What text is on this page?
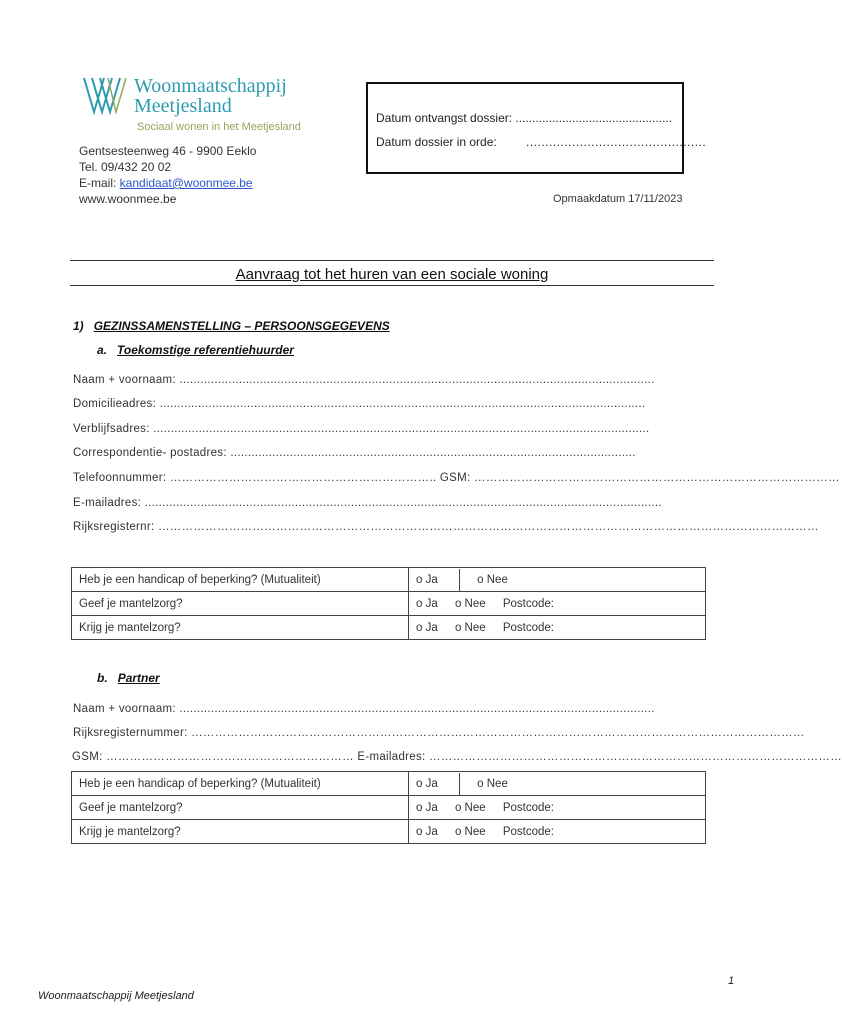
Woonmaatschappij
Meetjesland
Sociaal wonen in het Meetjesland
Gentsesteenweg 46 - 9900 Eeklo
Tel. 09/432 20 02
E-mail: kandidaat@woonmee.be
www.woonmee.be
Datum ontvangst dossier: ...............................................
Datum dossier in orde: ...............................................
Opmaakdatum 17/11/2023
Aanvraag tot het huren van een sociale woning
1) GEZINSSAMENSTELLING – PERSOONSGEGEVENS
a. Toekomstige referentiehuurder
Naam + voornaam: ........................................................................................................................................
Domicilieadres: ...........................................................................................................................................
Verblijfsadres: ..............................................................................................................................................
Correspondentie- postadres: ....................................................................................................................
Telefoonnummer: ………………………………………………………….. GSM: …………………………………………………………………………………
E-mailadres: ....................................................................................................................................................
Rijksregisternr: ……………………………………………………………………………………………………………………………………………………
Heb je een handicap of beperking? (Mutualiteit)	o Ja o Nee
Geef je mantelzorg?	o Ja o Nee Postcode:
Krijg je mantelzorg?	o Ja o Nee Postcode:
b. Partner
Naam + voornaam: ........................................................................................................................................
Rijksregisternummer: …………………………………………………………………………………………………………………………………………
GSM: ……………………………………………………… E-mailadres: ……………………………………………………………………………………………
Heb je een handicap of beperking? (Mutualiteit)	o Ja o Nee
Geef je mantelzorg?	o Ja o Nee Postcode:
Krijg je mantelzorg?	o Ja o Nee Postcode:
1
Woonmaatschappij Meetjesland
